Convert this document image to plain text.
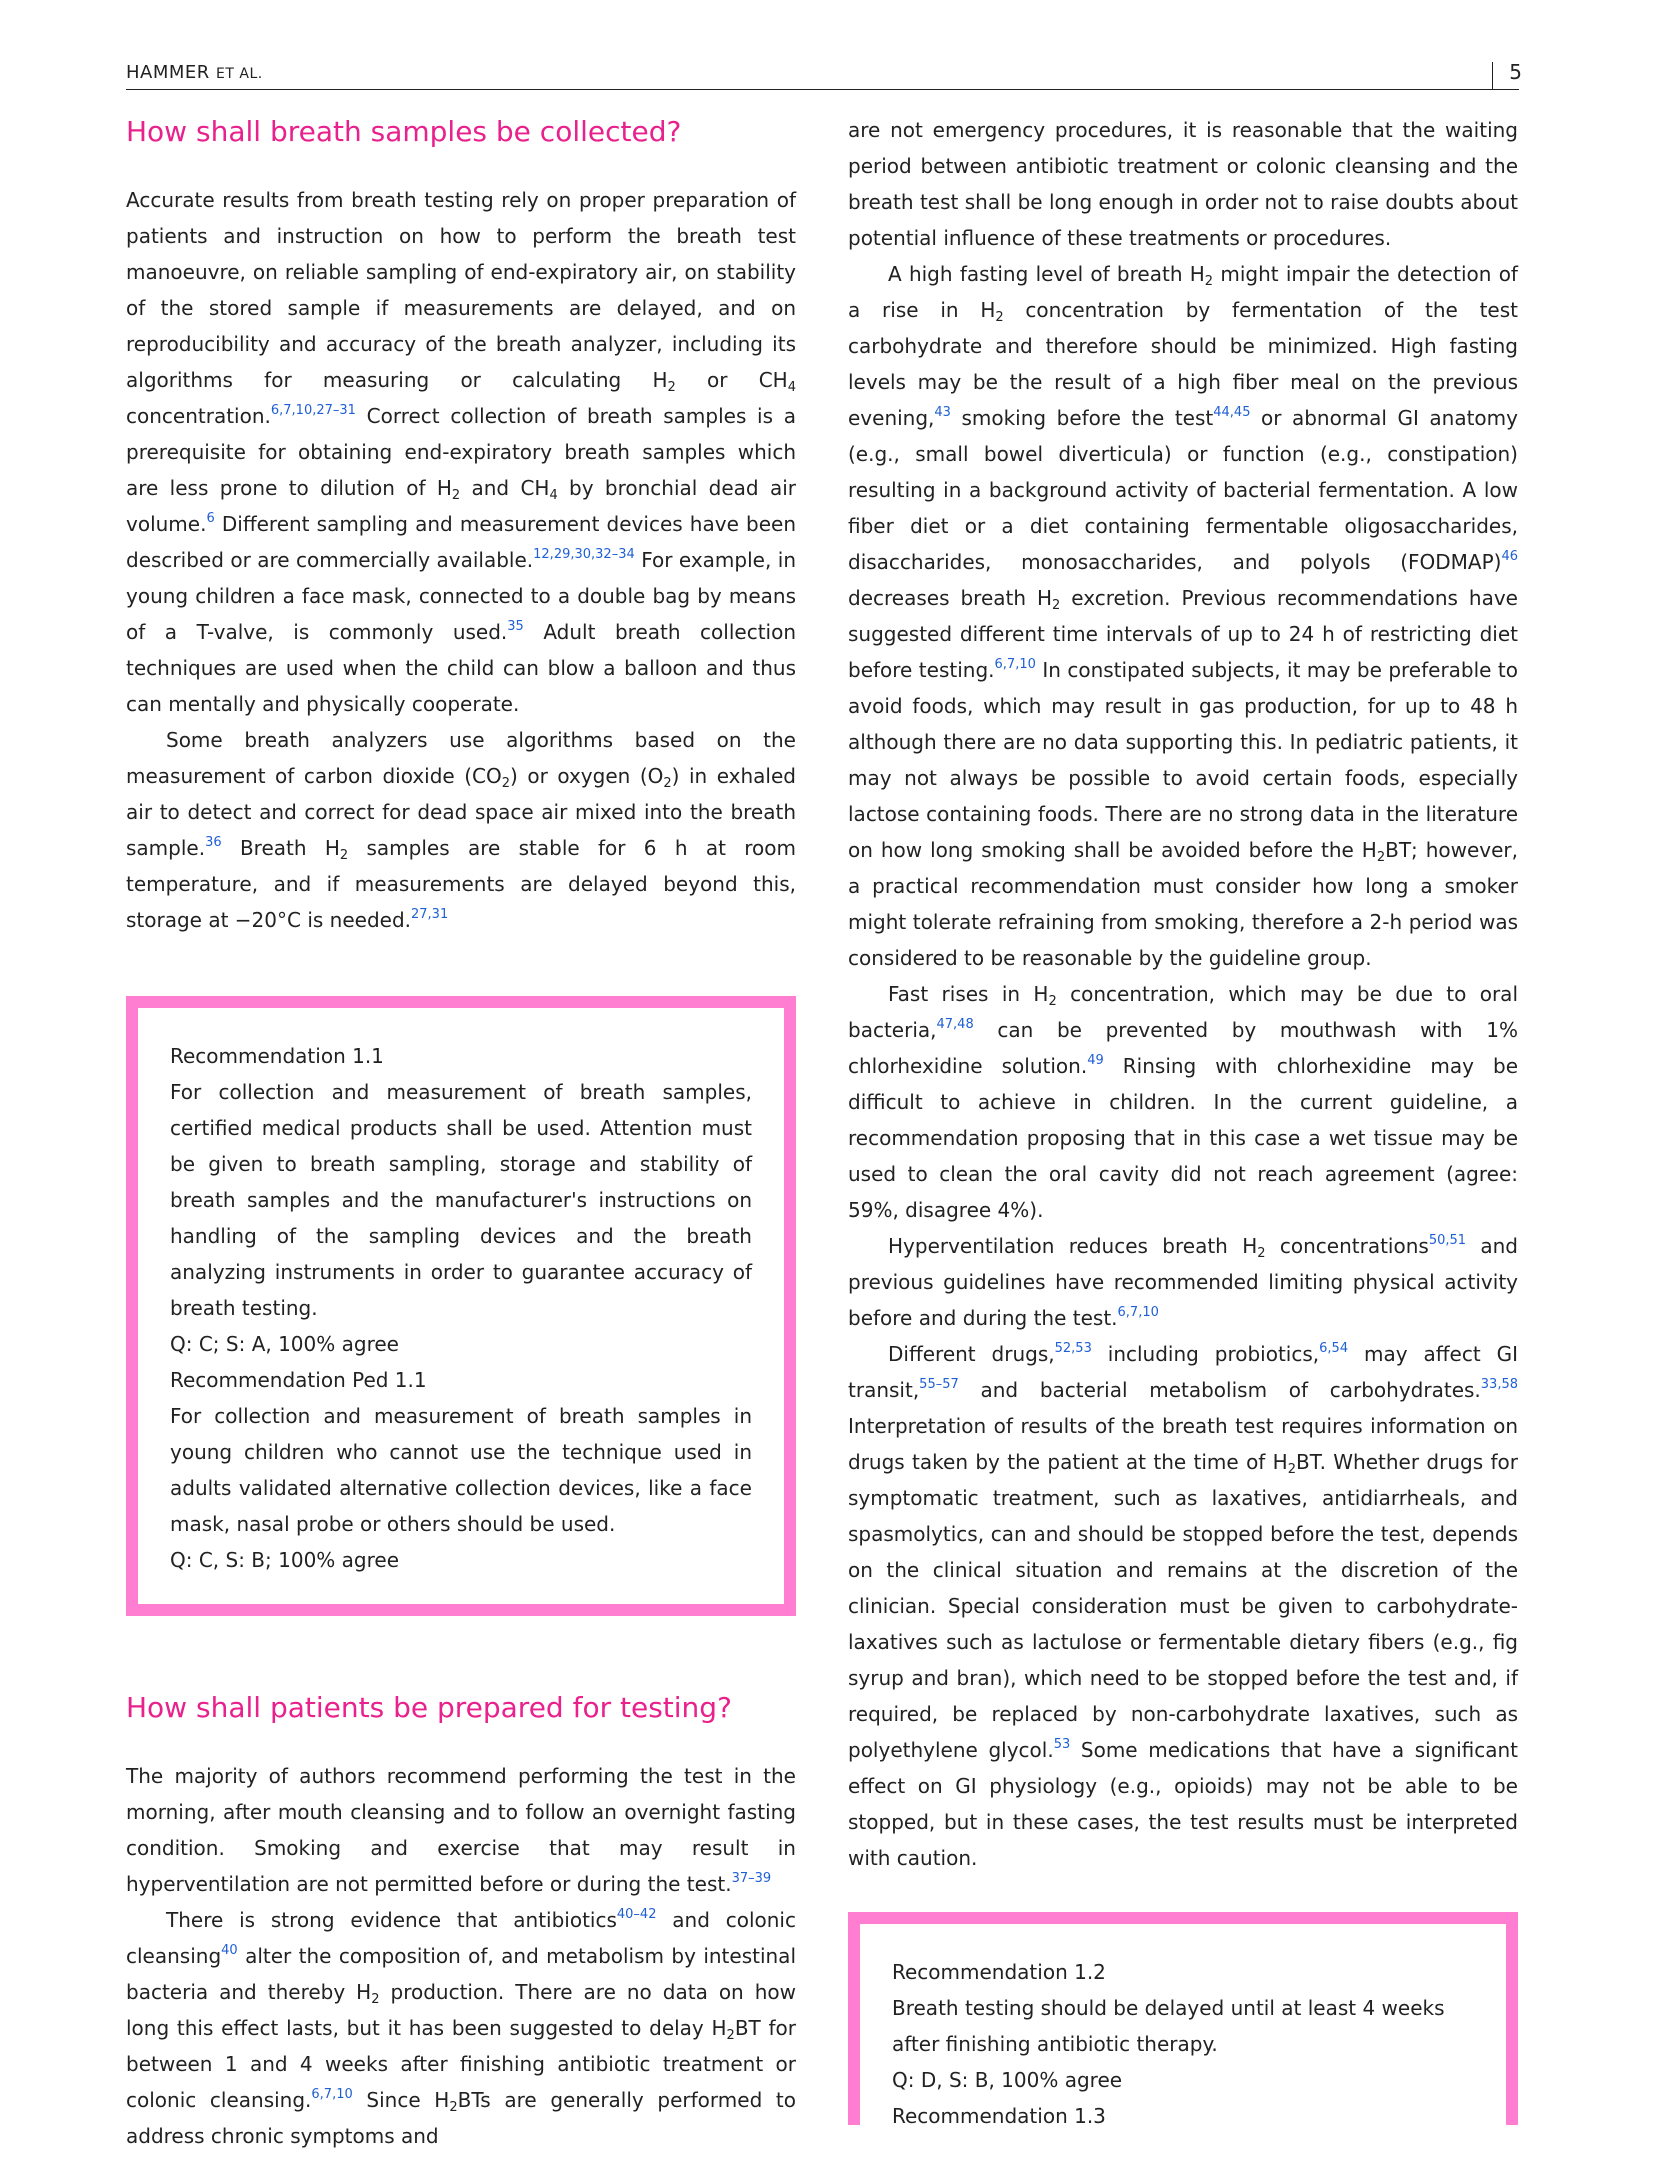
HAMMER ET AL.	5
How shall breath samples be collected?

Accurate results from breath testing rely on proper preparation of patients and instruction on how to perform the breath test manoeuvre, on reliable sampling of end-expiratory air, on stability of the stored sample if measurements are delayed, and on reproducibility and accuracy of the breath analyzer, including its algorithms for measuring or calculating $H_2$ or $CH_4$ concentration.$^{6,7,10,27-31}$ Correct collection of breath samples is a prerequisite for obtaining end-expiratory breath samples which are less prone to dilution of $H_2$ and $CH_4$ by bronchial dead air volume.$^6$ Different sampling and measurement devices have been described or are commercially available.$^{12,29,30,32-34}$ For example, in young children a face mask, connected to a double bag by means of a T-valve, is commonly used.$^{35}$ Adult breath collection techniques are used when the child can blow a balloon and thus can mentally and physically cooperate.

Some breath analyzers use algorithms based on the measurement of carbon dioxide $(CO_2)$ or oxygen $(O_2)$ in exhaled air to detect and correct for dead space air mixed into the breath sample.$^{36}$ Breath $H_2$ samples are stable for 6 h at room temperature, and if measurements are delayed beyond this, storage at −20°C is needed.$^{27,31}$

Recommendation 1.1

For collection and measurement of breath samples, certified medical products shall be used. Attention must be given to breath sampling, storage and stability of breath samples and the manufacturer's instructions on handling of the sampling devices and the breath analyzing instruments in order to guarantee accuracy of breath testing.

Q: C; S: A, 100% agree

Recommendation Ped 1.1

For collection and measurement of breath samples in young children who cannot use the technique used in adults validated alternative collection devices, like a face mask, nasal probe or others should be used.

Q: C, S: B; 100% agree

How shall patients be prepared for testing?

The majority of authors recommend performing the test in the morning, after mouth cleansing and to follow an overnight fasting condition. Smoking and exercise that may result in hyperventilation are not permitted before or during the test.$^{37-39}$

There is strong evidence that antibiotics$^{40-42}$ and colonic cleansing$^{40}$ alter the composition of, and metabolism by intestinal bacteria and thereby $H_2$ production. There are no data on how long this effect lasts, but it has been suggested to delay $H_2BT$ for between 1 and 4 weeks after finishing antibiotic treatment or colonic cleansing.$^{6,7,10}$ Since $H_2BTs$ are generally performed to address chronic symptoms and

are not emergency procedures, it is reasonable that the waiting period between antibiotic treatment or colonic cleansing and the breath test shall be long enough in order not to raise doubts about potential influence of these treatments or procedures.

A high fasting level of breath $H_2$ might impair the detection of a rise in $H_2$ concentration by fermentation of the test carbohydrate and therefore should be minimized. High fasting levels may be the result of a high fiber meal on the previous evening,$^{43}$ smoking before the test$^{44,45}$ or abnormal GI anatomy (e.g., small bowel diverticula) or function (e.g., constipation) resulting in a background activity of bacterial fermentation. A low fiber diet or a diet containing fermentable oligosaccharides, disaccharides, monosaccharides, and polyols (FODMAP)$^{46}$ decreases breath $H_2$ excretion. Previous recommendations have suggested different time intervals of up to 24 h of restricting diet before testing.$^{6,7,10}$ In constipated subjects, it may be preferable to avoid foods, which may result in gas production, for up to 48 h although there are no data supporting this. In pediatric patients, it may not always be possible to avoid certain foods, especially lactose containing foods. There are no strong data in the literature on how long smoking shall be avoided before the $H_2BT$; however, a practical recommendation must consider how long a smoker might tolerate refraining from smoking, therefore a 2-h period was considered to be reasonable by the guideline group.

Fast rises in $H_2$ concentration, which may be due to oral bacteria,$^{47,48}$ can be prevented by mouthwash with 1% chlorhexidine solution.$^{49}$ Rinsing with chlorhexidine may be difficult to achieve in children. In the current guideline, a recommendation proposing that in this case a wet tissue may be used to clean the oral cavity did not reach agreement (agree: 59%, disagree 4%).

Hyperventilation reduces breath $H_2$ concentrations$^{50,51}$ and previous guidelines have recommended limiting physical activity before and during the test.$^{6,7,10}$

Different drugs,$^{52,53}$ including probiotics,$^{6,54}$ may affect GI transit,$^{55-57}$ and bacterial metabolism of carbohydrates.$^{33,58}$ Interpretation of results of the breath test requires information on drugs taken by the patient at the time of $H_2BT$. Whether drugs for symptomatic treatment, such as laxatives, antidiarrheals, and spasmolytics, can and should be stopped before the test, depends on the clinical situation and remains at the discretion of the clinician. Special consideration must be given to carbohydrate-laxatives such as lactulose or fermentable dietary fibers (e.g., fig syrup and bran), which need to be stopped before the test and, if required, be replaced by non-carbohydrate laxatives, such as polyethylene glycol.$^{53}$ Some medications that have a significant effect on GI physiology (e.g., opioids) may not be able to be stopped, but in these cases, the test results must be interpreted with caution.

Recommendation 1.2

Breath testing should be delayed until at least 4 weeks after finishing antibiotic therapy.

Q: D, S: B, 100% agree

Recommendation 1.3
